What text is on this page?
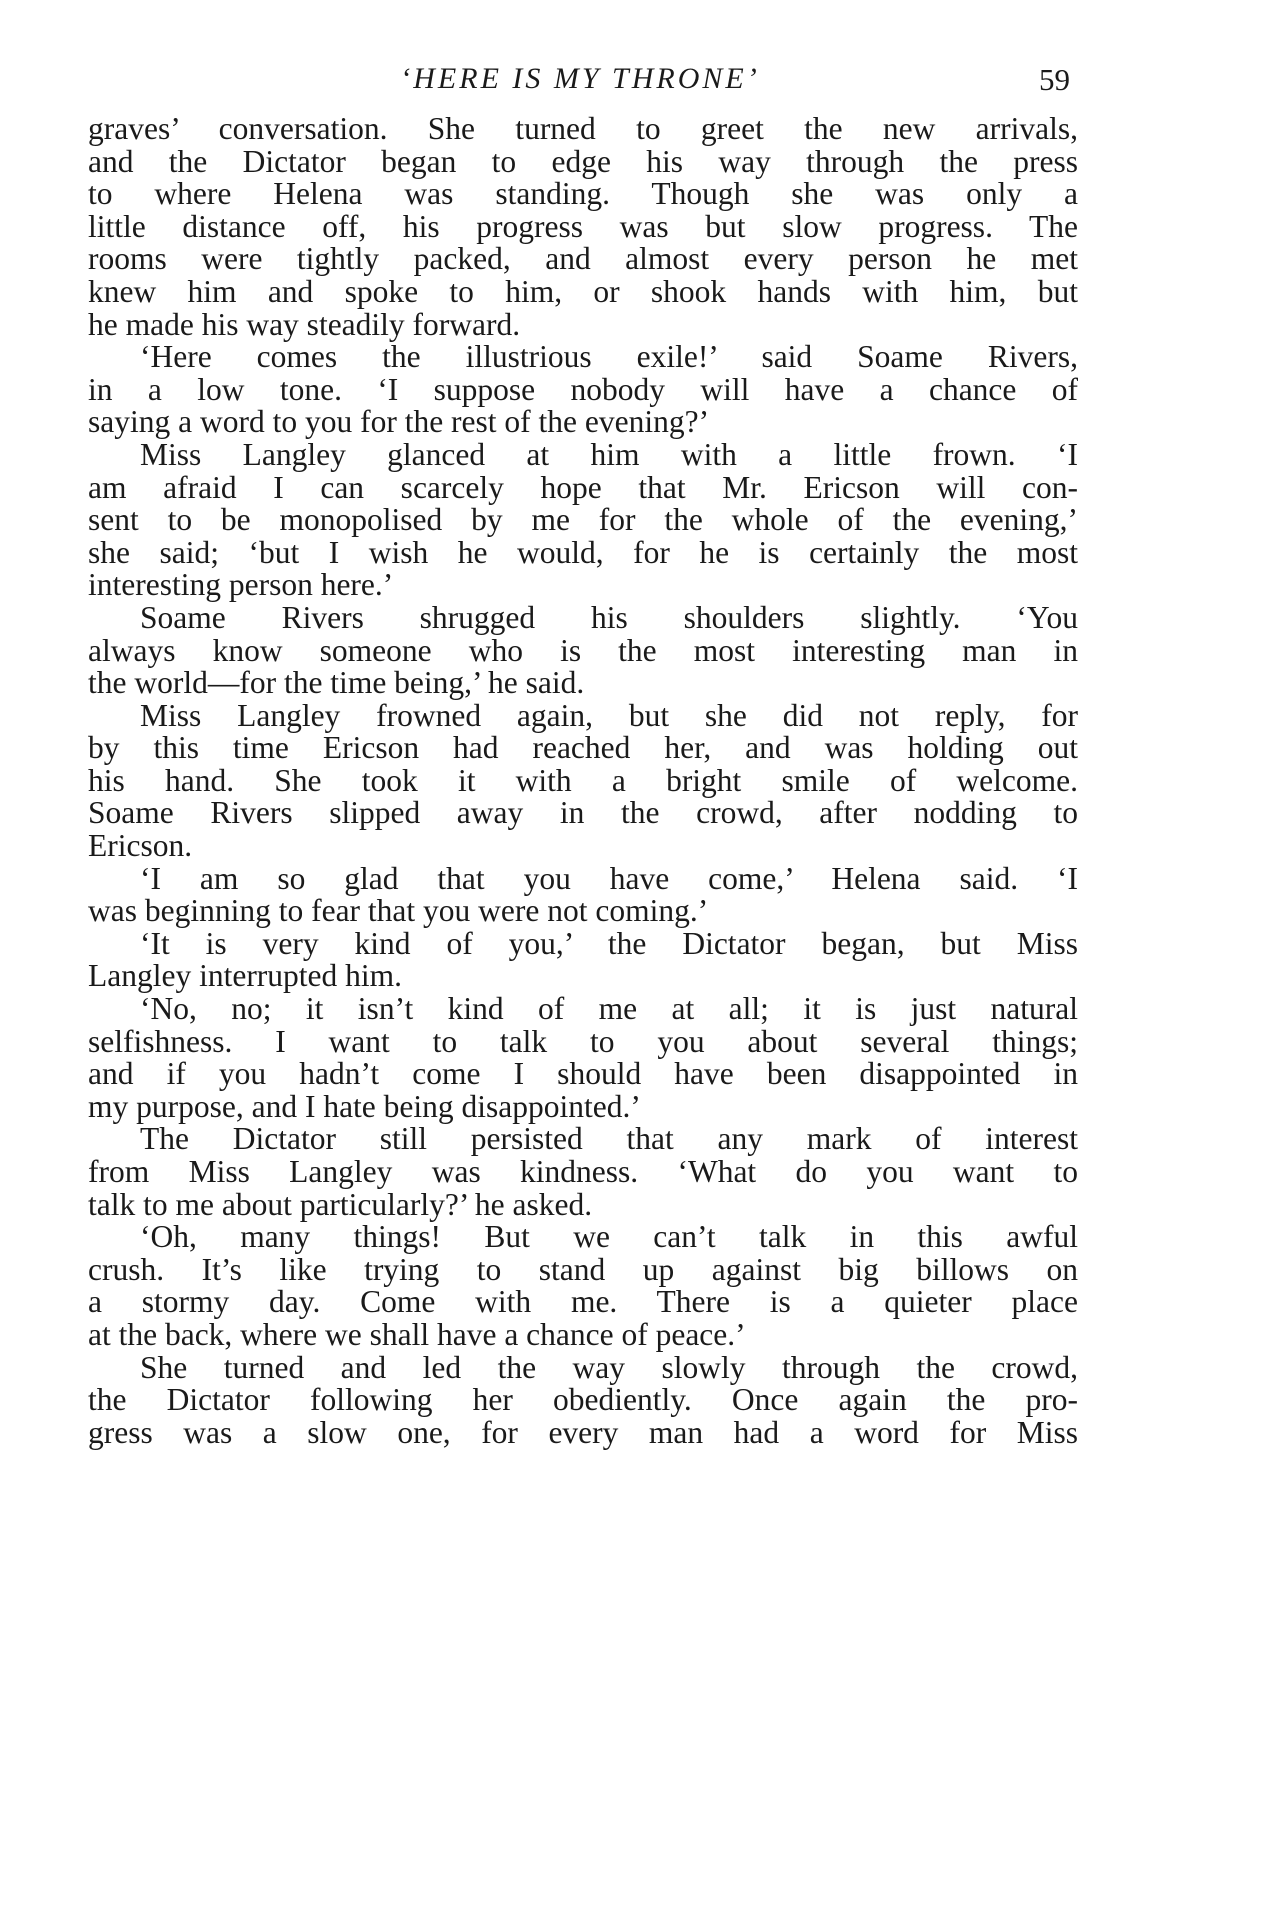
‘HERE IS MY THRONE’	59
graves’ conversation. She turned to greet the new arrivals,
and the Dictator began to edge his way through the press
to where Helena was standing. Though she was only a
little distance off, his progress was but slow progress. The
rooms were tightly packed, and almost every person he met
knew him and spoke to him, or shook hands with him, but
he made his way steadily forward.
‘Here comes the illustrious exile!’ said Soame Rivers,
in a low tone. ‘I suppose nobody will have a chance of
saying a word to you for the rest of the evening?’
Miss Langley glanced at him with a little frown. ‘I
am afraid I can scarcely hope that Mr. Ericson will con-
sent to be monopolised by me for the whole of the evening,’
she said; ‘but I wish he would, for he is certainly the most
interesting person here.’
Soame Rivers shrugged his shoulders slightly. ‘You
always know someone who is the most interesting man in
the world—for the time being,’ he said.
Miss Langley frowned again, but she did not reply, for
by this time Ericson had reached her, and was holding out
his hand. She took it with a bright smile of welcome.
Soame Rivers slipped away in the crowd, after nodding to
Ericson.
‘I am so glad that you have come,’ Helena said. ‘I
was beginning to fear that you were not coming.’
‘It is very kind of you,’ the Dictator began, but Miss
Langley interrupted him.
‘No, no; it isn’t kind of me at all; it is just natural
selfishness. I want to talk to you about several things;
and if you hadn’t come I should have been disappointed in
my purpose, and I hate being disappointed.’
The Dictator still persisted that any mark of interest
from Miss Langley was kindness. ‘What do you want to
talk to me about particularly?’ he asked.
‘Oh, many things! But we can’t talk in this awful
crush. It’s like trying to stand up against big billows on
a stormy day. Come with me. There is a quieter place
at the back, where we shall have a chance of peace.’
She turned and led the way slowly through the crowd,
the Dictator following her obediently. Once again the pro-
gress was a slow one, for every man had a word for Miss
